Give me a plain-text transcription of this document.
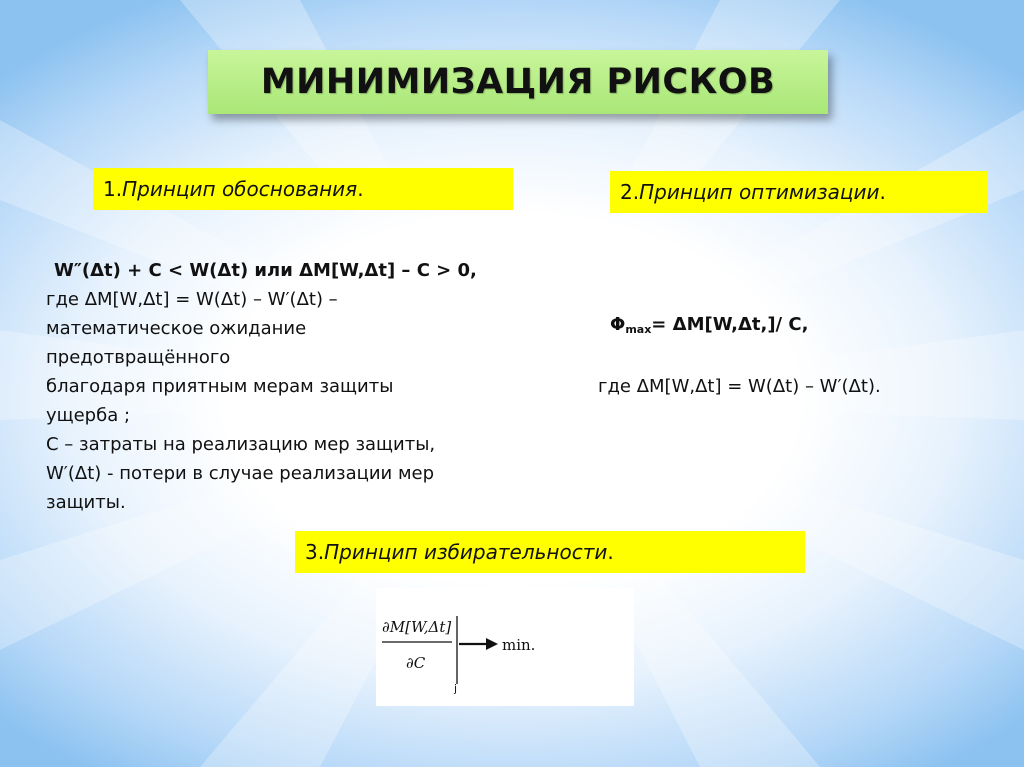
МИНИМИЗАЦИЯ РИСКОВ
1. Принцип обоснования .	2. Принцип оптимизации .
W″(Δt) + C < W(Δt) или ΔM[W,Δt] – C > 0,
где ΔM[W,Δt] = W(Δt) – W′(Δt) –
математическое ожидание
предотвращённого
благодаря приятным мерам защиты
ущерба ;
C – затраты на реализацию мер защиты,
W′(Δt) - потери в случае реализации мер
защиты.
$\Phi_{max}= \Delta M[W,\Delta t,]/$ C,
где ΔM[W,Δt] = W(Δt) – W′(Δt).
3. Принцип избирательности .
∂M[W,Δt]
∂C
j
min.
